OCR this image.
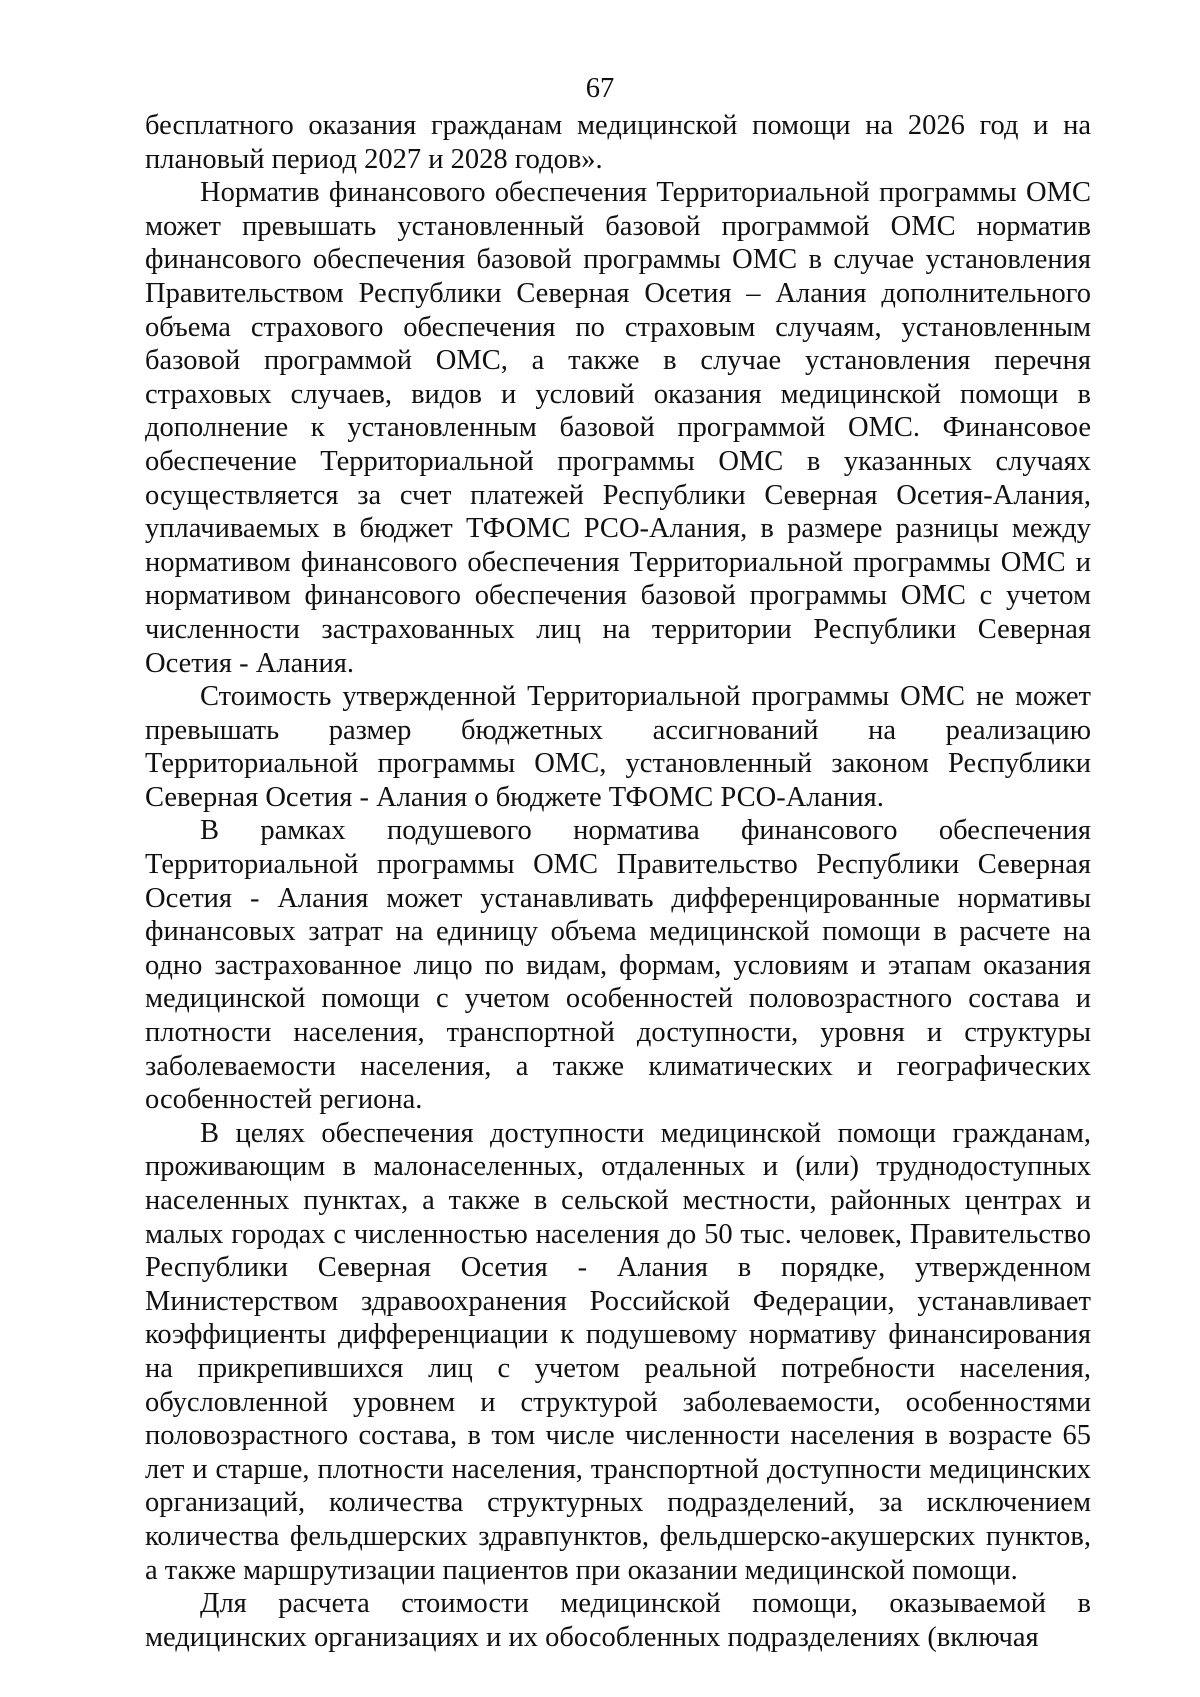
67

бесплатного оказания гражданам медицинской помощи на 2026 год и на плановый период 2027 и 2028 годов».

Норматив финансового обеспечения Территориальной программы ОМС может превышать установленный базовой программой ОМС норматив финансового обеспечения базовой программы ОМС в случае установления Правительством Республики Северная Осетия – Алания дополнительного объема страхового обеспечения по страховым случаям, установленным базовой программой ОМС, а также в случае установления перечня страховых случаев, видов и условий оказания медицинской помощи в дополнение к установленным базовой программой ОМС. Финансовое обеспечение Территориальной программы ОМС в указанных случаях осуществляется за счет платежей Республики Северная Осетия-Алания, уплачиваемых в бюджет ТФОМС РСО-Алания, в размере разницы между нормативом финансового обеспечения Территориальной программы ОМС и нормативом финансового обеспечения базовой программы ОМС с учетом численности застрахованных лиц на территории Республики Северная Осетия - Алания.

Стоимость утвержденной Территориальной программы ОМС не может превышать размер бюджетных ассигнований на реализацию Территориальной программы ОМС, установленный законом Республики Северная Осетия - Алания о бюджете ТФОМС РСО-Алания.

В рамках подушевого норматива финансового обеспечения Территориальной программы ОМС Правительство Республики Северная Осетия - Алания может устанавливать дифференцированные нормативы финансовых затрат на единицу объема медицинской помощи в расчете на одно застрахованное лицо по видам, формам, условиям и этапам оказания медицинской помощи с учетом особенностей половозрастного состава и плотности населения, транспортной доступности, уровня и структуры заболеваемости населения, а также климатических и географических особенностей региона.

В целях обеспечения доступности медицинской помощи гражданам, проживающим в малонаселенных, отдаленных и (или) труднодоступных населенных пунктах, а также в сельской местности, районных центрах и малых городах с численностью населения до 50 тыс. человек, Правительство Республики Северная Осетия - Алания в порядке, утвержденном Министерством здравоохранения Российской Федерации, устанавливает коэффициенты дифференциации к подушевому нормативу финансирования на прикрепившихся лиц с учетом реальной потребности населения, обусловленной уровнем и структурой заболеваемости, особенностями половозрастного состава, в том числе численности населения в возрасте 65 лет и старше, плотности населения, транспортной доступности медицинских организаций, количества структурных подразделений, за исключением количества фельдшерских здравпунктов, фельдшерско-акушерских пунктов, а также маршрутизации пациентов при оказании медицинской помощи.

Для расчета стоимости медицинской помощи, оказываемой в медицинских организациях и их обособленных подразделениях (включая
